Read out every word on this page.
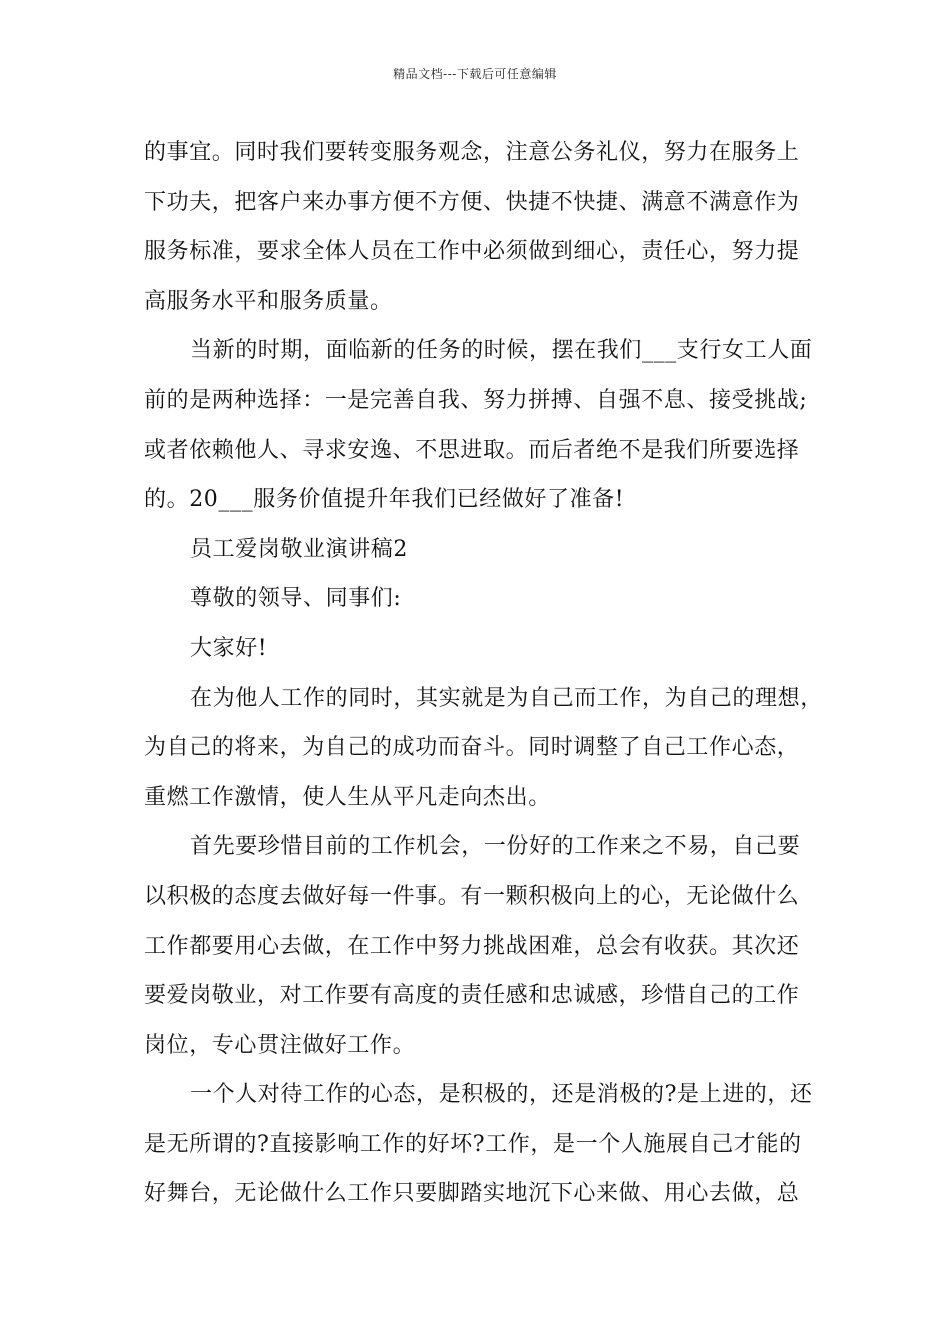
精品文档---下载后可任意编辑
的事宜。同时我们要转变服务观念，注意公务礼仪，努力在服务上
下功夫，把客户来办事方便不方便、快捷不快捷、满意不满意作为
服务标准，要求全体人员在工作中必须做到细心，责任心，努力提
高服务水平和服务质量。
当新的时期，面临新的任务的时候，摆在我们___支行女工人面
前的是两种选择：一是完善自我、努力拼搏、自强不息、接受挑战;
或者依赖他人、寻求安逸、不思进取。而后者绝不是我们所要选择
的。20___服务价值提升年我们已经做好了准备!
员工爱岗敬业演讲稿2
尊敬的领导、同事们:
大家好!
在为他人工作的同时，其实就是为自己而工作，为自己的理想，
为自己的将来，为自己的成功而奋斗。同时调整了自己工作心态，
重燃工作激情，使人生从平凡走向杰出。
首先要珍惜目前的工作机会，一份好的工作来之不易，自己要
以积极的态度去做好每一件事。有一颗积极向上的心，无论做什么
工作都要用心去做，在工作中努力挑战困难，总会有收获。其次还
要爱岗敬业，对工作要有高度的责任感和忠诚感，珍惜自己的工作
岗位，专心贯注做好工作。
一个人对待工作的心态，是积极的，还是消极的?是上进的，还
是无所谓的?直接影响工作的好坏?工作，是一个人施展自己才能的
好舞台，无论做什么工作只要脚踏实地沉下心来做、用心去做，总
